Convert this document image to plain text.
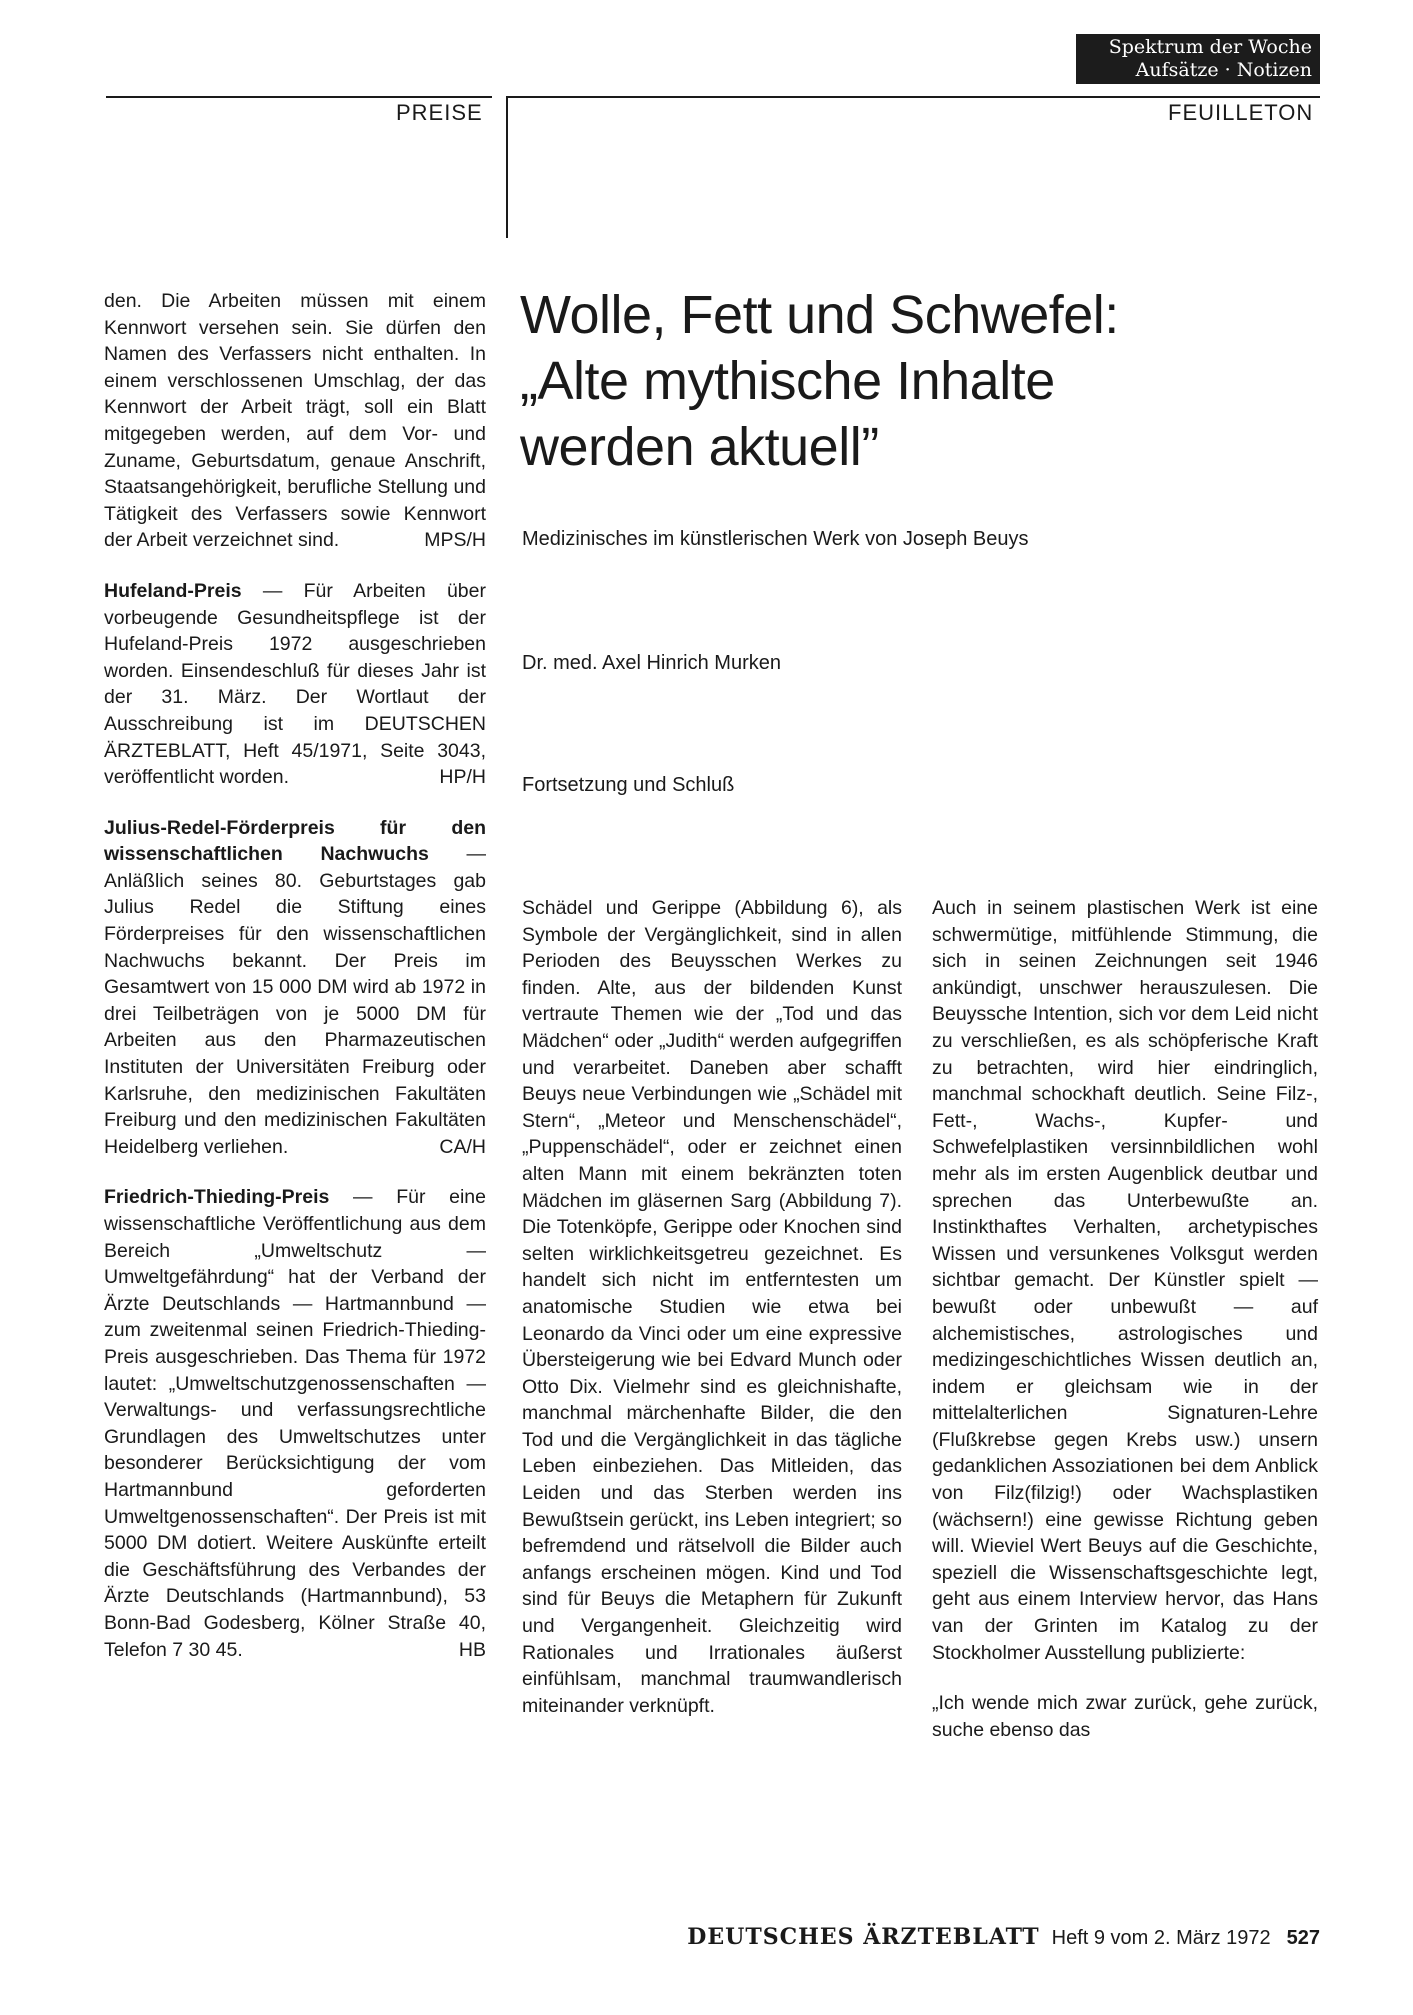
Spektrum der Woche
Aufsätze · Notizen
PREISE	FEUILLETON

den. Die Arbeiten müssen mit einem Kennwort versehen sein. Sie dürfen den Namen des Verfassers nicht enthalten. In einem verschlossenen Umschlag, der das Kennwort der Arbeit trägt, soll ein Blatt mitgegeben werden, auf dem Vor- und Zuname, Geburtsdatum, genaue Anschrift, Staatsangehörigkeit, berufliche Stellung und Tätigkeit des Verfassers sowie Kennwort der Arbeit verzeichnet sind.	MPS/H

Hufeland-Preis — Für Arbeiten über vorbeugende Gesundheitspflege ist der Hufeland-Preis 1972 ausgeschrieben worden. Einsendeschluß für dieses Jahr ist der 31. März. Der Wortlaut der Ausschreibung ist im DEUTSCHEN ÄRZTEBLATT, Heft 45/1971, Seite 3043, veröffentlicht worden.	HP/H

Julius-Redel-Förderpreis für den wissenschaftlichen Nachwuchs — Anläßlich seines 80. Geburtstages gab Julius Redel die Stiftung eines Förderpreises für den wissenschaftlichen Nachwuchs bekannt. Der Preis im Gesamtwert von 15 000 DM wird ab 1972 in drei Teilbeträgen von je 5000 DM für Arbeiten aus den Pharmazeutischen Instituten der Universitäten Freiburg oder Karlsruhe, den medizinischen Fakultäten Freiburg und den medizinischen Fakultäten Heidelberg verliehen.	CA/H

Friedrich-Thieding-Preis — Für eine wissenschaftliche Veröffentlichung aus dem Bereich „Umweltschutz — Umweltgefährdung“ hat der Verband der Ärzte Deutschlands — Hartmannbund — zum zweitenmal seinen Friedrich-Thieding-Preis ausgeschrieben. Das Thema für 1972 lautet: „Umweltschutzgenossenschaften — Verwaltungs- und verfassungsrechtliche Grundlagen des Umweltschutzes unter besonderer Berücksichtigung der vom Hartmannbund geforderten Umweltgenossenschaften“. Der Preis ist mit 5000 DM dotiert. Weitere Auskünfte erteilt die Geschäftsführung des Verbandes der Ärzte Deutschlands (Hartmannbund), 53 Bonn-Bad Godesberg, Kölner Straße 40, Telefon 7 30 45.	HB

Wolle, Fett und Schwefel:
„Alte mythische Inhalte
werden aktuell”
Medizinisches im künstlerischen Werk von Joseph Beuys
Dr. med. Axel Hinrich Murken
Fortsetzung und Schluß

Schädel und Gerippe (Abbildung 6), als Symbole der Vergänglichkeit, sind in allen Perioden des Beuysschen Werkes zu finden. Alte, aus der bildenden Kunst vertraute Themen wie der „Tod und das Mädchen“ oder „Judith“ werden aufgegriffen und verarbeitet. Daneben aber schafft Beuys neue Verbindungen wie „Schädel mit Stern“, „Meteor und Menschenschädel“, „Puppenschädel“, oder er zeichnet einen alten Mann mit einem bekränzten toten Mädchen im gläsernen Sarg (Abbildung 7). Die Totenköpfe, Gerippe oder Knochen sind selten wirklichkeitsgetreu gezeichnet. Es handelt sich nicht im entferntesten um anatomische Studien wie etwa bei Leonardo da Vinci oder um eine expressive Übersteigerung wie bei Edvard Munch oder Otto Dix. Vielmehr sind es gleichnishafte, manchmal märchenhafte Bilder, die den Tod und die Vergänglichkeit in das tägliche Leben einbeziehen. Das Mitleiden, das Leiden und das Sterben werden ins Bewußtsein gerückt, ins Leben integriert; so befremdend und rätselvoll die Bilder auch anfangs erscheinen mögen. Kind und Tod sind für Beuys die Metaphern für Zukunft und Vergangenheit. Gleichzeitig wird Rationales und Irrationales äußerst einfühlsam, manchmal traumwandlerisch miteinander verknüpft.

Auch in seinem plastischen Werk ist eine schwermütige, mitfühlende Stimmung, die sich in seinen Zeichnungen seit 1946 ankündigt, unschwer herauszulesen. Die Beuyssche Intention, sich vor dem Leid nicht zu verschließen, es als schöpferische Kraft zu betrachten, wird hier eindringlich, manchmal schockhaft deutlich. Seine Filz-, Fett-, Wachs-, Kupfer- und Schwefelplastiken versinnbildlichen wohl mehr als im ersten Augenblick deutbar und sprechen das Unterbewußte an. Instinkthaftes Verhalten, archetypisches Wissen und versunkenes Volksgut werden sichtbar gemacht. Der Künstler spielt — bewußt oder unbewußt — auf alchemistisches, astrologisches und medizingeschichtliches Wissen deutlich an, indem er gleichsam wie in der mittelalterlichen Signaturen-Lehre (Flußkrebse gegen Krebs usw.) unsern gedanklichen Assoziationen bei dem Anblick von Filz(filzig!) oder Wachsplastiken (wächsern!) eine gewisse Richtung geben will. Wieviel Wert Beuys auf die Geschichte, speziell die Wissenschaftsgeschichte legt, geht aus einem Interview hervor, das Hans van der Grinten im Katalog zu der Stockholmer Ausstellung publizierte:

„Ich wende mich zwar zurück, gehe zurück, suche ebenso das

DEUTSCHES ÄRZTEBLATT Heft 9 vom 2. März 1972 527
